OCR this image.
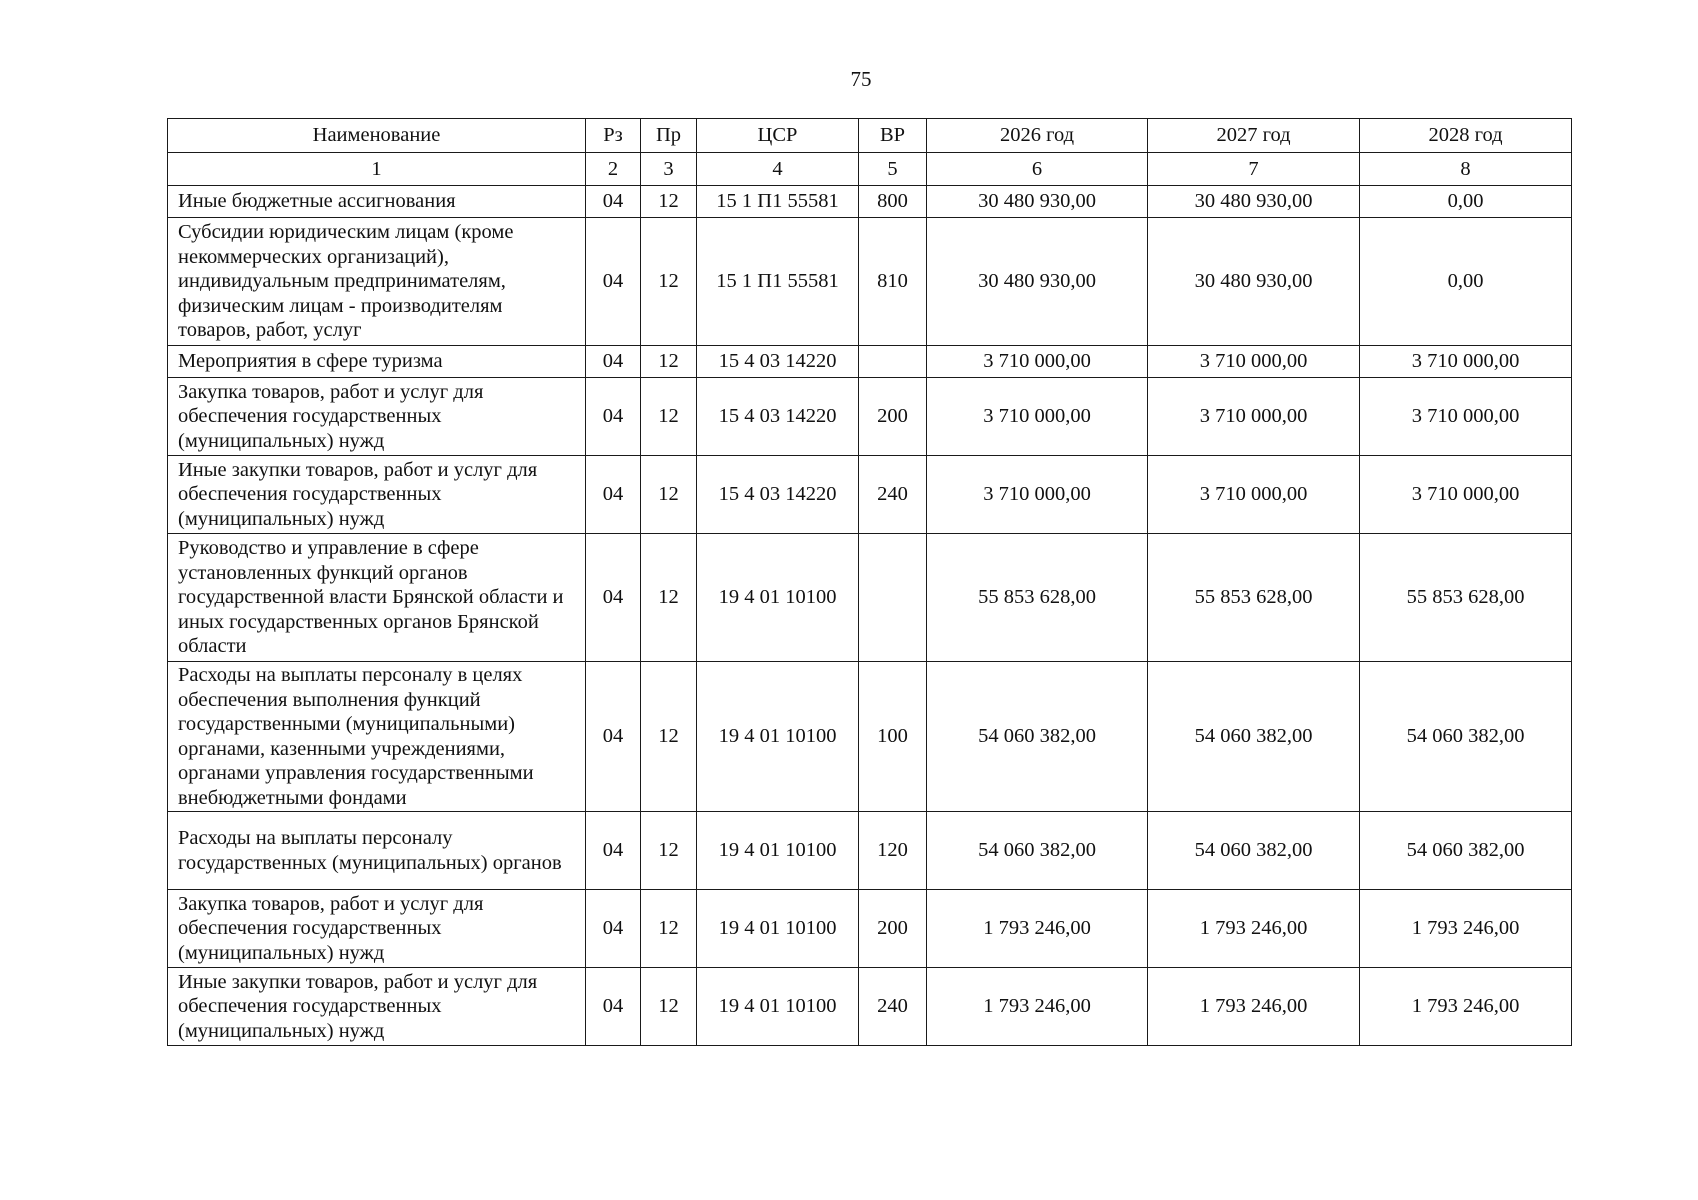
75
Наименование	Рз	Пр	ЦСР	ВР	2026 год	2027 год	2028 год
1	2	3	4	5	6	7	8
Иные бюджетные ассигнования	04	12	15 1 П1 55581	800	30 480 930,00	30 480 930,00	0,00
Субсидии юридическим лицам (кроме некоммерческих организаций), индивидуальным предпринимателям, физическим лицам - производителям товаров, работ, услуг	04	12	15 1 П1 55581	810	30 480 930,00	30 480 930,00	0,00
Мероприятия в сфере туризма	04	12	15 4 03 14220		3 710 000,00	3 710 000,00	3 710 000,00
Закупка товаров, работ и услуг для обеспечения государственных (муниципальных) нужд	04	12	15 4 03 14220	200	3 710 000,00	3 710 000,00	3 710 000,00
Иные закупки товаров, работ и услуг для обеспечения государственных (муниципальных) нужд	04	12	15 4 03 14220	240	3 710 000,00	3 710 000,00	3 710 000,00
Руководство и управление в сфере установленных функций органов государственной власти Брянской области и иных государственных органов Брянской области	04	12	19 4 01 10100		55 853 628,00	55 853 628,00	55 853 628,00
Расходы на выплаты персоналу в целях обеспечения выполнения функций государственными (муниципальными) органами, казенными учреждениями, органами управления государственными внебюджетными фондами	04	12	19 4 01 10100	100	54 060 382,00	54 060 382,00	54 060 382,00
Расходы на выплаты персоналу государственных (муниципальных) органов	04	12	19 4 01 10100	120	54 060 382,00	54 060 382,00	54 060 382,00
Закупка товаров, работ и услуг для обеспечения государственных (муниципальных) нужд	04	12	19 4 01 10100	200	1 793 246,00	1 793 246,00	1 793 246,00
Иные закупки товаров, работ и услуг для обеспечения государственных (муниципальных) нужд	04	12	19 4 01 10100	240	1 793 246,00	1 793 246,00	1 793 246,00
